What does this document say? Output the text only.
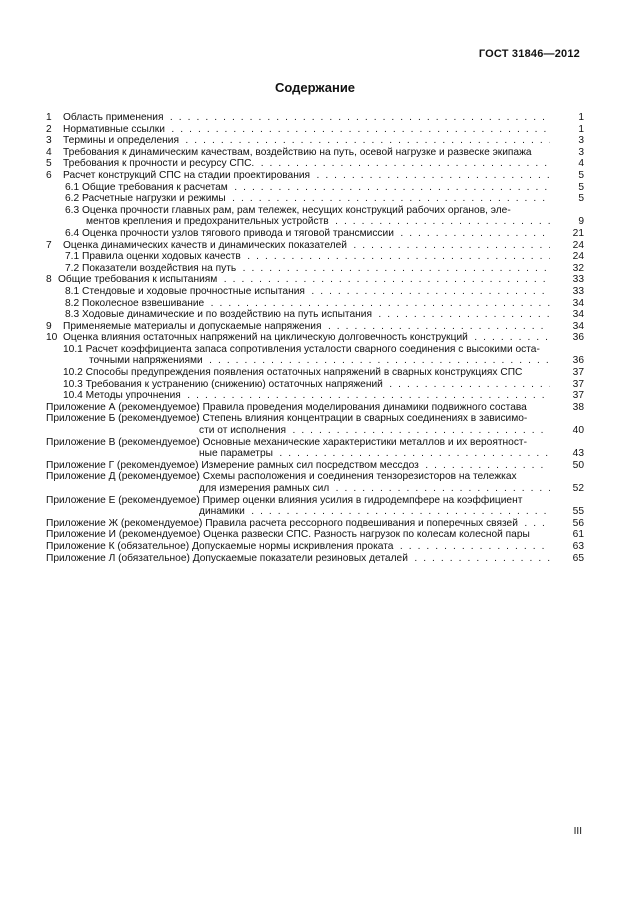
ГОСТ 31846—2012
Содержание
1	Область применения . . .	1
2	Нормативные ссылки . . .	1
3	Термины и определения . . .	3
4	Требования к динамическим качествам, воздействию на путь, осевой нагрузке и развеске экипажа	3
5	Требования к прочности и ресурсу СПС. . . .	4
6	Расчет конструкций СПС на стадии проектирования . . .	5
6.1 Общие требования к расчетам . . .	5
6.2 Расчетные нагрузки и режимы . . .	5
6.3 Оценка прочности главных рам, рам тележек, несущих конструкций рабочих органов, эле-
ментов крепления и предохранительных устройств . . .	9
6.4 Оценка прочности узлов тягового привода и тяговой трансмиссии . . .	21
7	Оценка динамических качеств и динамических показателей . . .	24
7.1 Правила оценки ходовых качеств . . .	24
7.2 Показатели воздействия на путь . . .	32
8 Общие требования к испытаниям . . .	33
8.1 Стендовые и ходовые прочностные испытания . . .	33
8.2 Поколесное взвешивание . . .	34
8.3 Ходовые динамические и по воздействию на путь испытания . . .	34
9	Применяемые материалы и допускаемые напряжения . . .	34
10 Оценка влияния остаточных напряжений на циклическую долговечность конструкций . . .	36
10.1 Расчет коэффициента запаса сопротивления усталости сварного соединения с высокими оста-
точными напряжениями . . .	36
10.2 Способы предупреждения появления остаточных напряжений в сварных конструкциях СПС	37
10.3 Требования к устранению (снижению) остаточных напряжений . . .	37
10.4 Методы упрочнения . . .	37
Приложение А (рекомендуемое) Правила проведения моделирования динамики подвижного состава	38
Приложение Б (рекомендуемое) Степень влияния концентрации в сварных соединениях в зависимо-
сти от исполнения . . .	40
Приложение В (рекомендуемое) Основные механические характеристики металлов и их вероятност-
ные параметры . . .	43
Приложение Г (рекомендуемое) Измерение рамных сил посредством мессдоз . . .	50
Приложение Д (рекомендуемое) Схемы расположения и соединения тензорезисторов на тележках
для измерения рамных сил . . .	52
Приложение Е (рекомендуемое) Пример оценки влияния усилия в гидродемпфере на коэффициент
динамики . . .	55
Приложение Ж (рекомендуемое) Правила расчета рессорного подвешивания и поперечных связей . . .	56
Приложение И (рекомендуемое) Оценка развески СПС. Разность нагрузок по колесам колесной пары	61
Приложение К (обязательное) Допускаемые нормы искривления проката . . .	63
Приложение Л (обязательное) Допускаемые показатели резиновых деталей . . .	65
III
